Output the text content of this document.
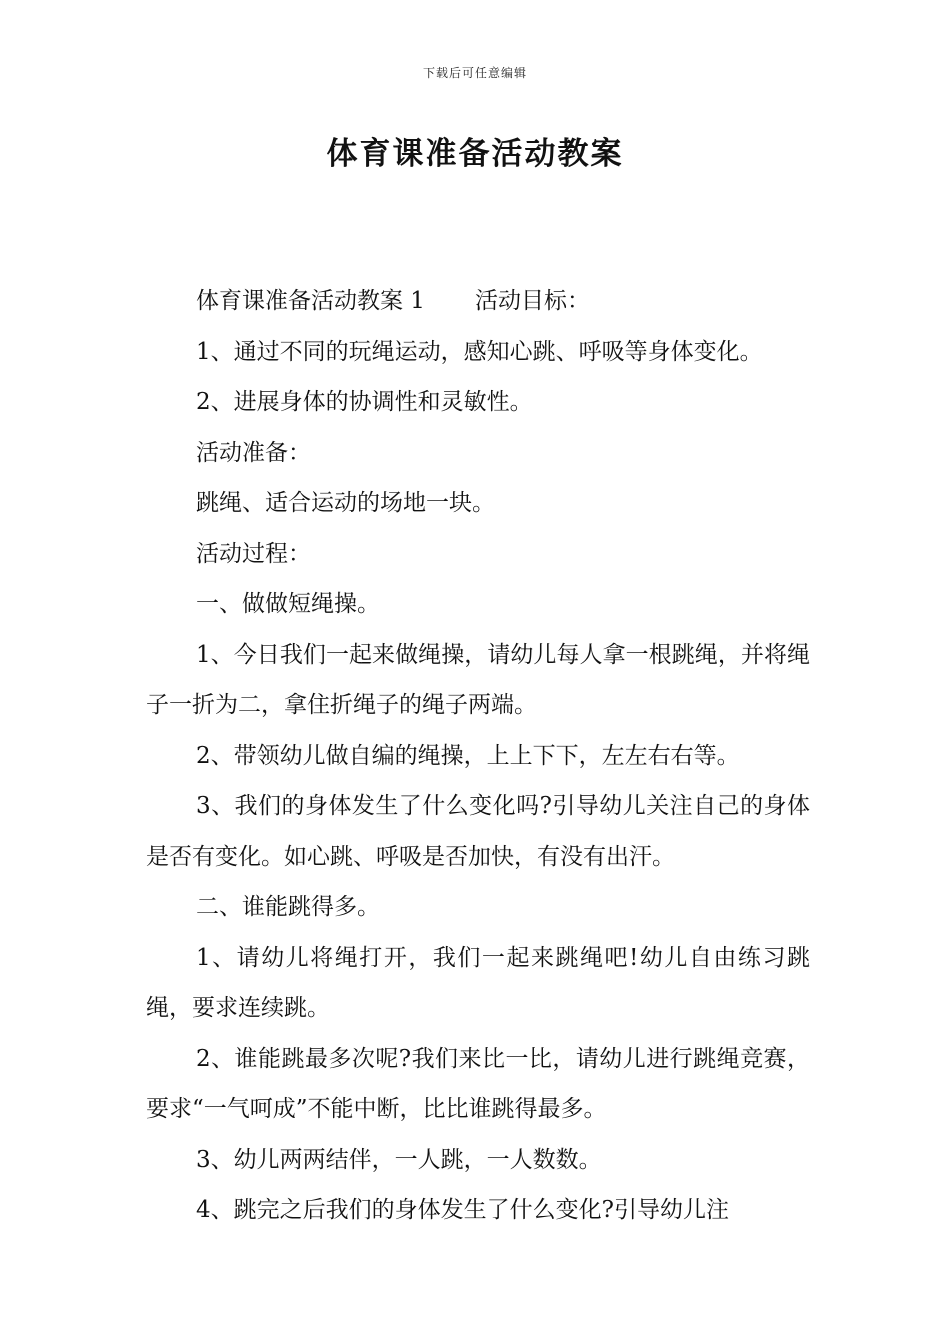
下载后可任意编辑
体育课准备活动教案

体育课准备活动教案 1 活动目标：

1、通过不同的玩绳运动，感知心跳、呼吸等身体变化。

2、进展身体的协调性和灵敏性。

活动准备：

跳绳、适合运动的场地一块。

活动过程：

一、做做短绳操。

1、今日我们一起来做绳操，请幼儿每人拿一根跳绳，并将绳子一折为二，拿住折绳子的绳子两端。

2、带领幼儿做自编的绳操，上上下下，左左右右等。

3、我们的身体发生了什么变化吗?引导幼儿关注自己的身体是否有变化。如心跳、呼吸是否加快，有没有出汗。

二、谁能跳得多。

1、请幼儿将绳打开，我们一起来跳绳吧!幼儿自由练习跳绳，要求连续跳。

2、谁能跳最多次呢?我们来比一比，请幼儿进行跳绳竞赛，要求“一气呵成”不能中断，比比谁跳得最多。

3、幼儿两两结伴，一人跳，一人数数。

4、跳完之后我们的身体发生了什么变化?引导幼儿注
